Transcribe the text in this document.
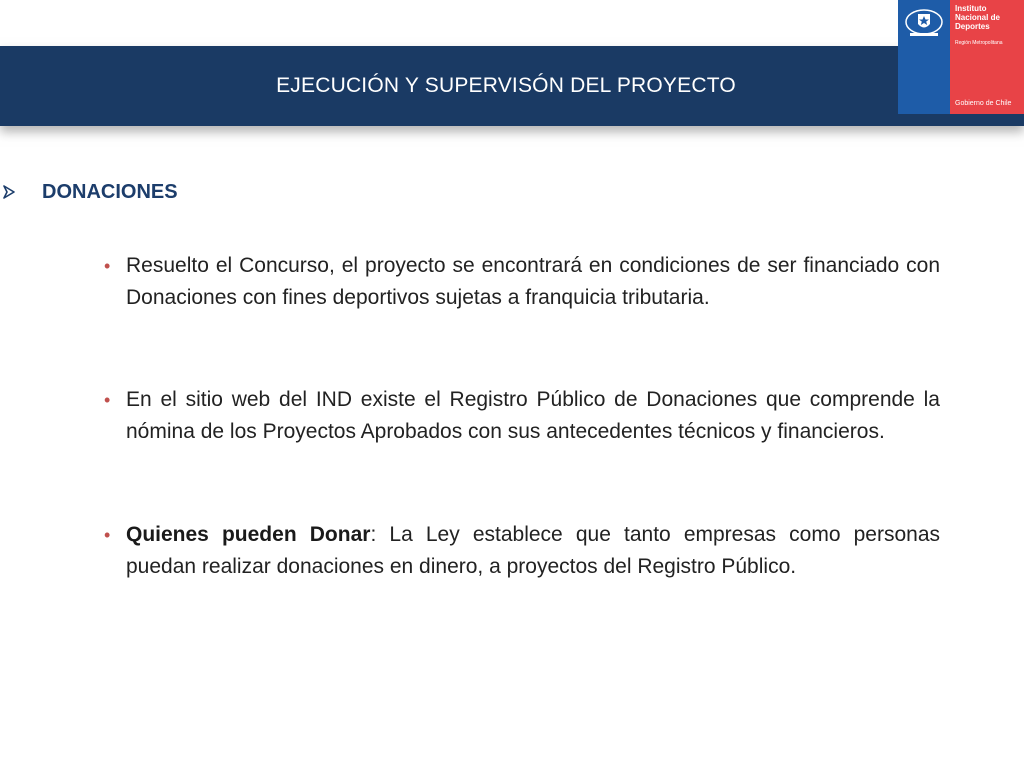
EJECUCIÓN Y SUPERVISÓN DEL PROYECTO
Instituto
Nacional de
Deportes
Región Metropolitana
Gobierno de Chile
DONACIONES
• Resuelto el Concurso, el proyecto se encontrará en condiciones de ser financiado con Donaciones con fines deportivos sujetas a franquicia tributaria.
• En el sitio web del IND existe el Registro Público de Donaciones que comprende la nómina de los Proyectos Aprobados con sus antecedentes técnicos y financieros.
• Quienes pueden Donar: La Ley establece que tanto empresas como personas puedan realizar donaciones en dinero, a proyectos del Registro Público.
